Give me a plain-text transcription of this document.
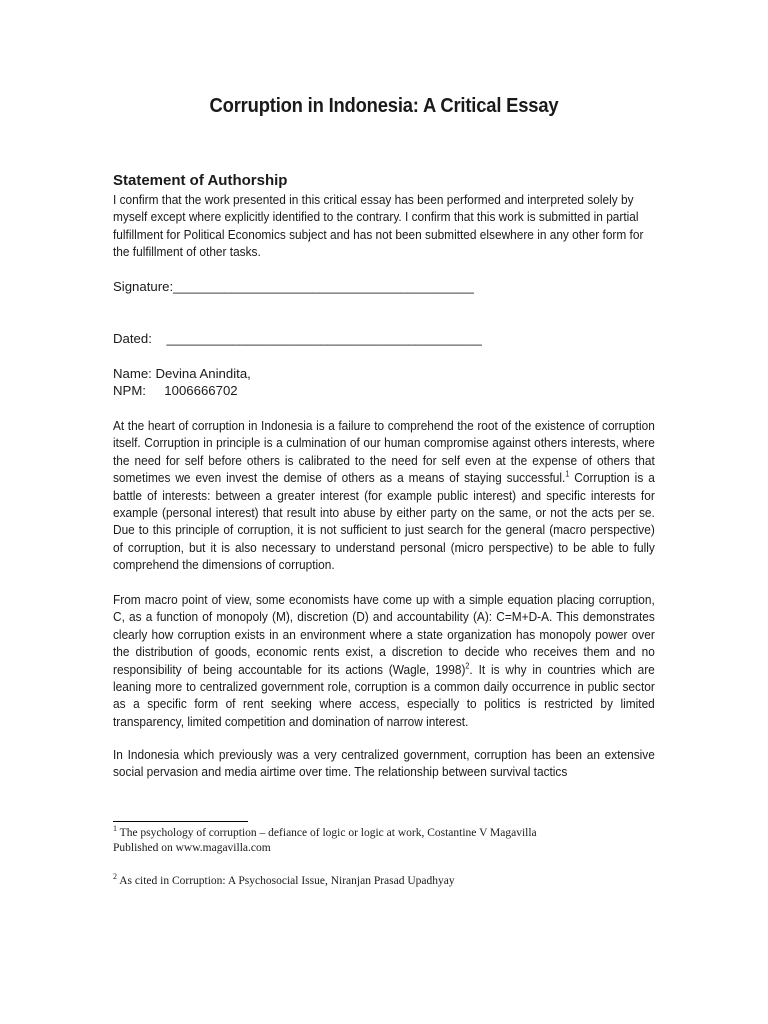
Corruption in Indonesia: A Critical Essay
Statement of Authorship
I confirm that the work presented in this critical essay has been performed and interpreted solely by myself except where explicitly identified to the contrary. I confirm that this work is submitted in partial fulfillment for Political Economics subject and has not been submitted elsewhere in any other form for the fulfillment of other tasks.
Signature:_________________________________________
Dated:    ___________________________________________
Name: Devina Anindita,
NPM:     1006666702
At the heart of corruption in Indonesia is a failure to comprehend the root of the existence of corruption itself. Corruption in principle is a culmination of our human compromise against others interests, where the need for self before others is calibrated to the need for self even at the expense of others that sometimes we even invest the demise of others as a means of staying successful.$^1$ Corruption is a battle of interests: between a greater interest (for example public interest) and specific interests for example (personal interest) that result into abuse by either party on the same, or not the acts per se. Due to this principle of corruption, it is not sufficient to just search for the general (macro perspective) of corruption, but it is also necessary to understand personal (micro perspective) to be able to fully comprehend the dimensions of corruption.
From macro point of view, some economists have come up with a simple equation placing corruption, C, as a function of monopoly (M), discretion (D) and accountability (A): C=M+D-A. This demonstrates clearly how corruption exists in an environment where a state organization has monopoly power over the distribution of goods, economic rents exist, a discretion to decide who receives them and no responsibility of being accountable for its actions (Wagle, 1998)$^2$. It is why in countries which are leaning more to centralized government role, corruption is a common daily occurrence in public sector as a specific form of rent seeking where access, especially to politics is restricted by limited transparency, limited competition and domination of narrow interest.
In Indonesia which previously was a very centralized government, corruption has been an extensive social pervasion and media airtime over time. The relationship between survival tactics
$^1$ The psychology of corruption – defiance of logic or logic at work, Costantine V Magavilla
Published on www.magavilla.com
$^2$ As cited in Corruption: A Psychosocial Issue, Niranjan Prasad Upadhyay
